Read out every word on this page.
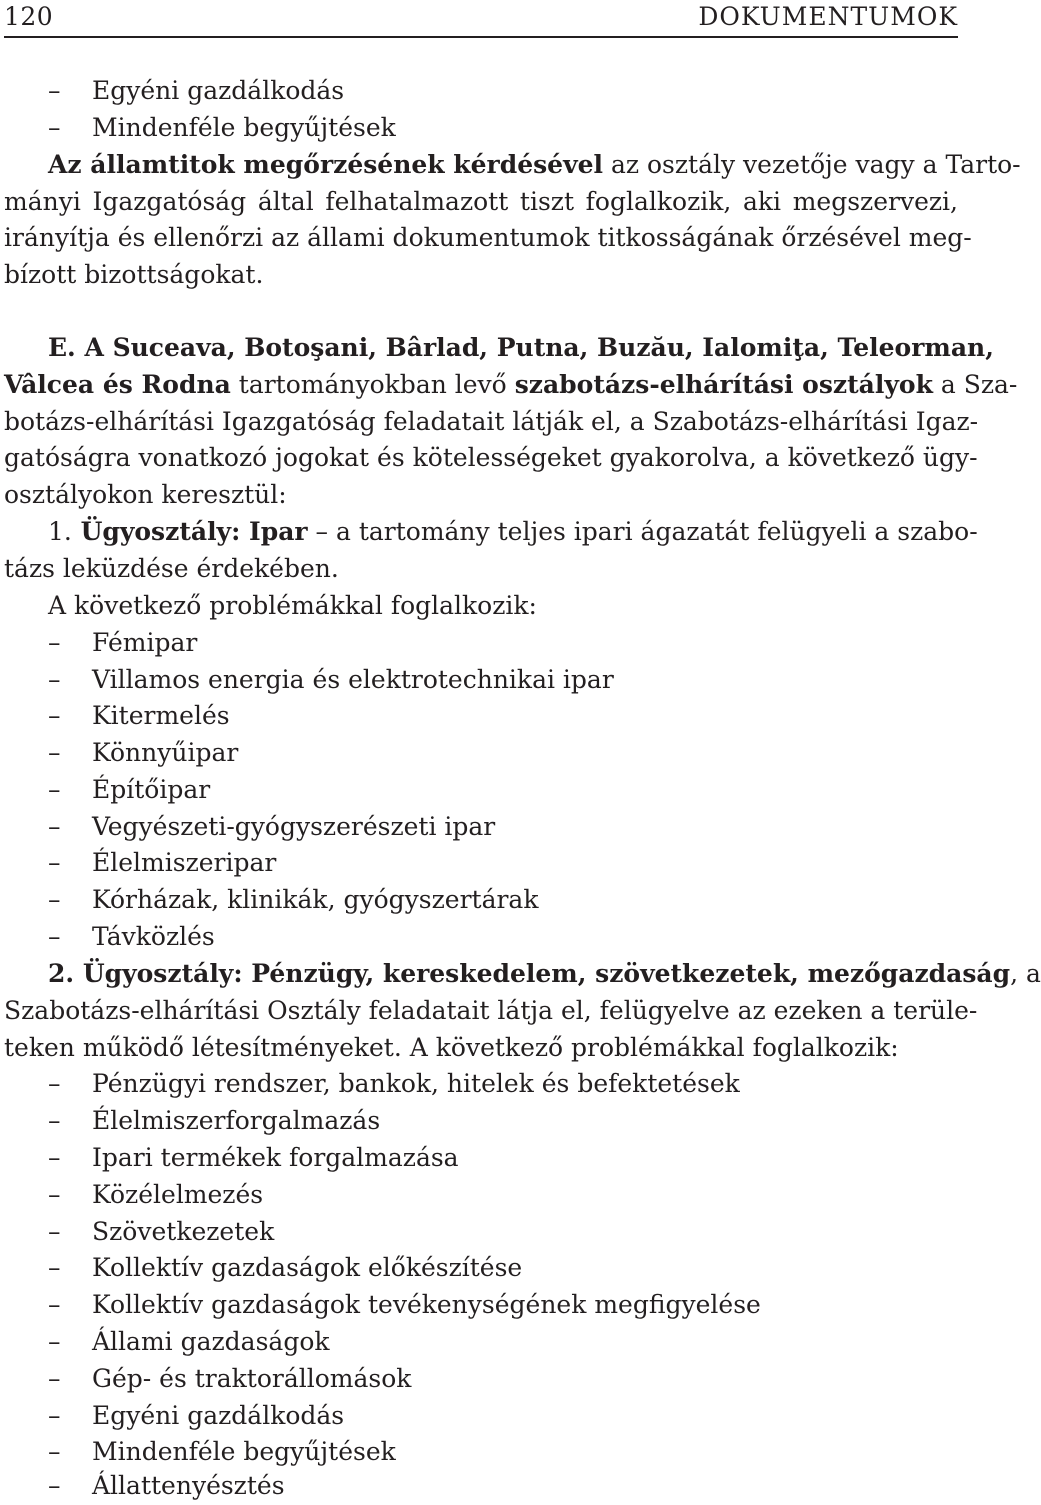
120	DOKUMENTUMOK
– Egyéni gazdálkodás
– Mindenféle begyűjtések
Az államtitok megőrzésének kérdésével az osztály vezetője vagy a Tarto-
mányi Igazgatóság által felhatalmazott tiszt foglalkozik, aki megszervezi,
irányítja és ellenőrzi az állami dokumentumok titkosságának őrzésével meg-
bízott bizottságokat.
E. A Suceava, Botoşani, Bârlad, Putna, Buzău, Ialomiţa, Teleorman,
Vâlcea és Rodna tartományokban levő szabotázs-elhárítási osztályok a Sza-
botázs-elhárítási Igazgatóság feladatait látják el, a Szabotázs-elhárítási Igaz-
gatóságra vonatkozó jogokat és kötelességeket gyakorolva, a következő ügy-
osztályokon keresztül:
1. Ügyosztály: Ipar – a tartomány teljes ipari ágazatát felügyeli a szabo-
tázs leküzdése érdekében.
A következő problémákkal foglalkozik:
– Fémipar
– Villamos energia és elektrotechnikai ipar
– Kitermelés
– Könnyűipar
– Építőipar
– Vegyészeti-gyógyszerészeti ipar
– Élelmiszeripar
– Kórházak, klinikák, gyógyszertárak
– Távközlés
2. Ügyosztály: Pénzügy, kereskedelem, szövetkezetek, mezőgazdaság, a
Szabotázs-elhárítási Osztály feladatait látja el, felügyelve az ezeken a terüle-
teken működő létesítményeket. A következő problémákkal foglalkozik:
– Pénzügyi rendszer, bankok, hitelek és befektetések
– Élelmiszerforgalmazás
– Ipari termékek forgalmazása
– Közélelmezés
– Szövetkezetek
– Kollektív gazdaságok előkészítése
– Kollektív gazdaságok tevékenységének megfigyelése
– Állami gazdaságok
– Gép- és traktorállomások
– Egyéni gazdálkodás
– Mindenféle begyűjtések
– Állattenyésztés
